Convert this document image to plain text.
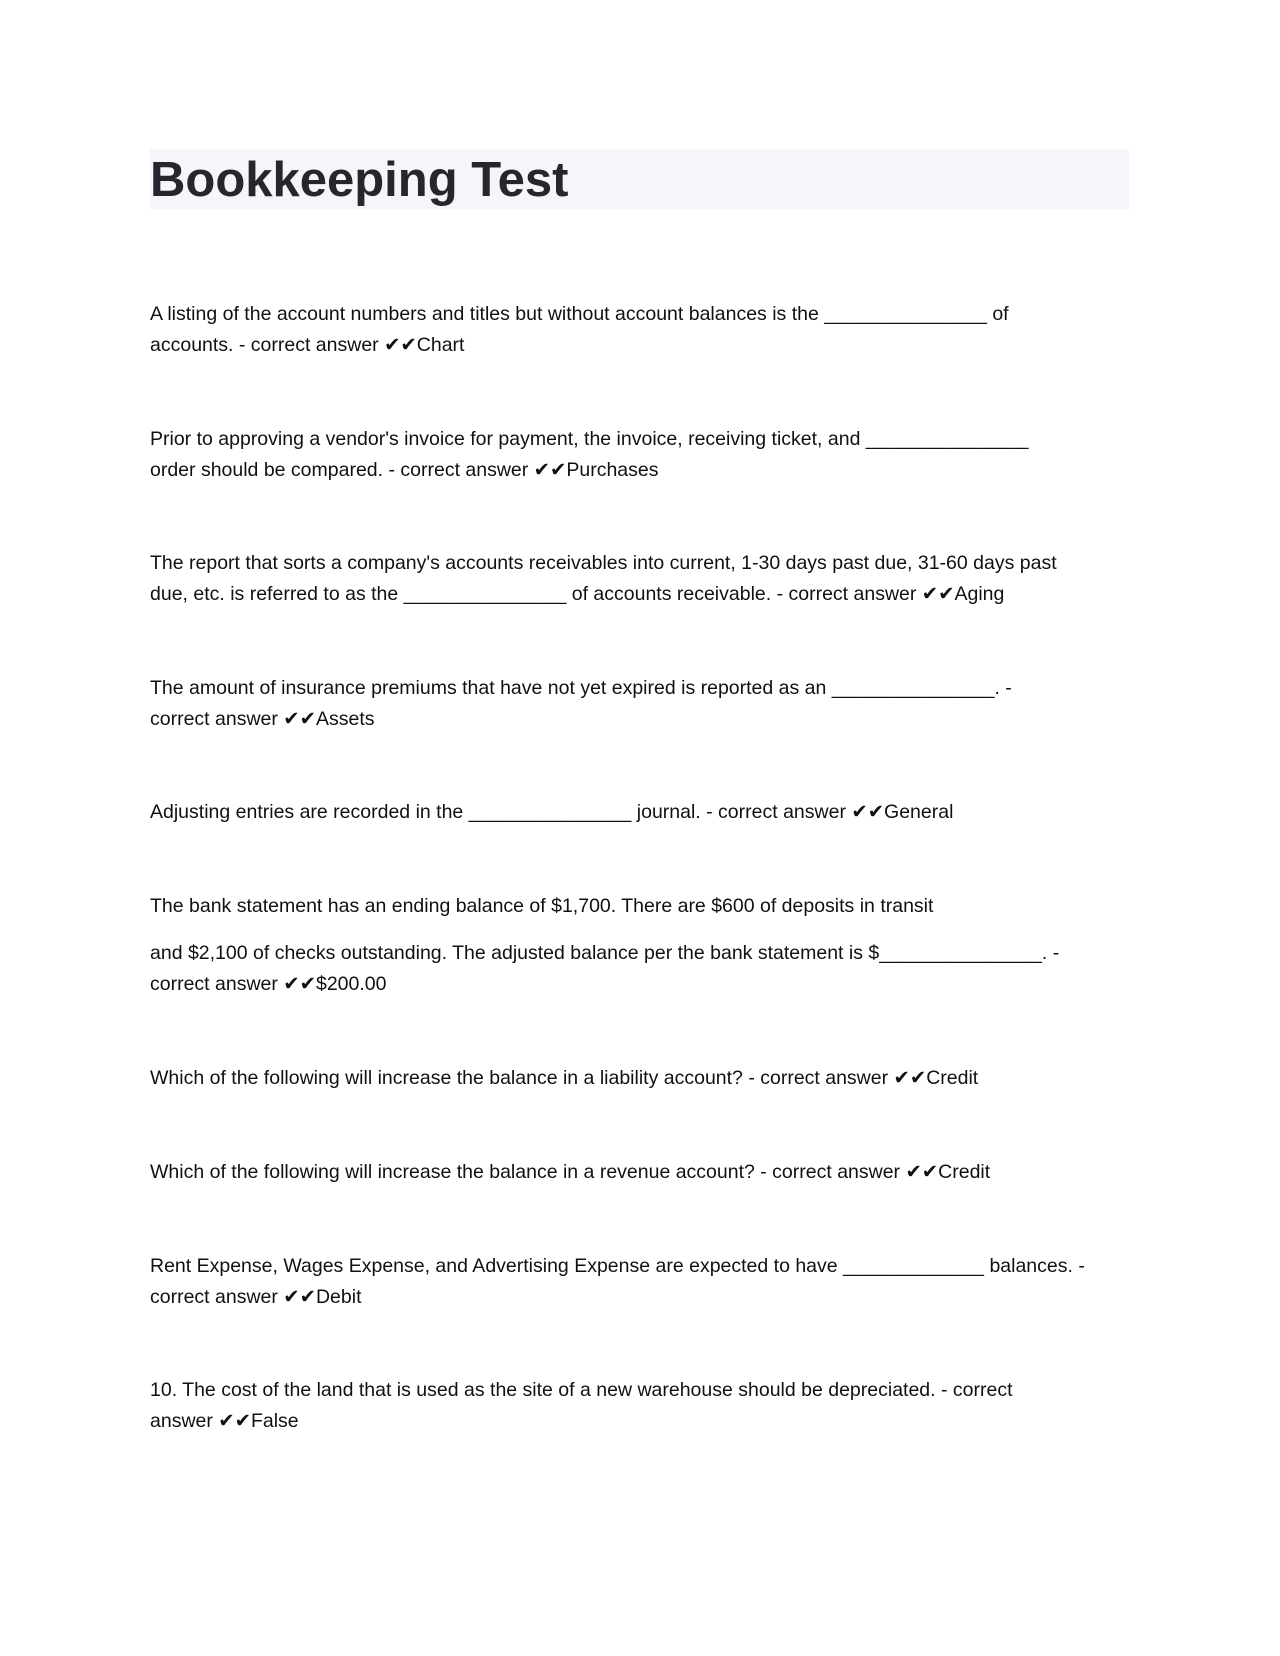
Bookkeeping Test

A listing of the account numbers and titles but without account balances is the _______________ of
accounts. - correct answer ✔✔Chart

Prior to approving a vendor's invoice for payment, the invoice, receiving ticket, and _______________
order should be compared. - correct answer ✔✔Purchases

The report that sorts a company's accounts receivables into current, 1-30 days past due, 31-60 days past
due, etc. is referred to as the _______________ of accounts receivable. - correct answer ✔✔Aging

The amount of insurance premiums that have not yet expired is reported as an _______________. -
correct answer ✔✔Assets

Adjusting entries are recorded in the _______________ journal. - correct answer ✔✔General

The bank statement has an ending balance of $1,700. There are $600 of deposits in transit
and $2,100 of checks outstanding. The adjusted balance per the bank statement is $_______________. -
correct answer ✔✔$200.00

Which of the following will increase the balance in a liability account? - correct answer ✔✔Credit

Which of the following will increase the balance in a revenue account? - correct answer ✔✔Credit

Rent Expense, Wages Expense, and Advertising Expense are expected to have _____________ balances. -
correct answer ✔✔Debit

10. The cost of the land that is used as the site of a new warehouse should be depreciated. - correct
answer ✔✔False
